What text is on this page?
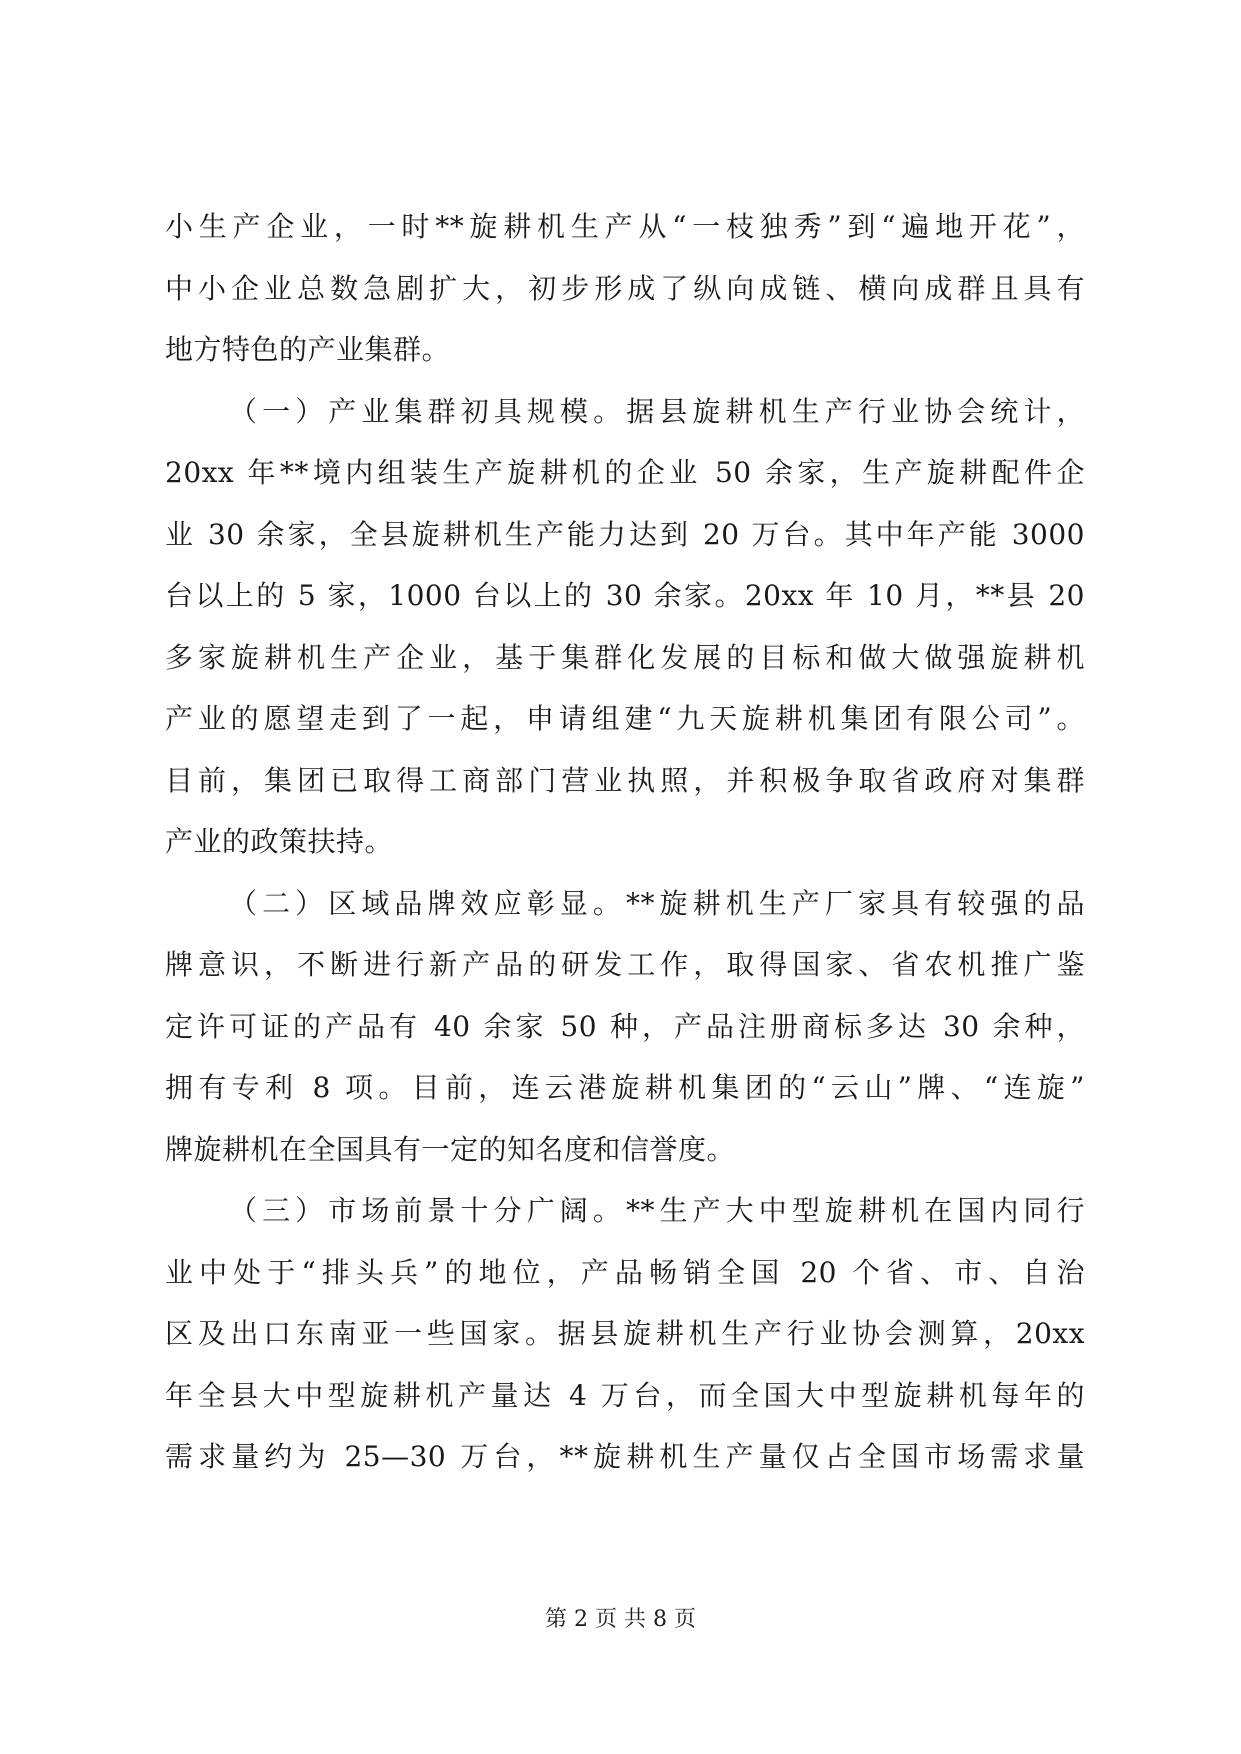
小生产企业，一时**旋耕机生产从“一枝独秀”到“遍地开花”，
中小企业总数急剧扩大，初步形成了纵向成链、横向成群且具有
地方特色的产业集群。
（一）产业集群初具规模。据县旋耕机生产行业协会统计，
20xx 年**境内组装生产旋耕机的企业 50 余家，生产旋耕配件企
业 30 余家，全县旋耕机生产能力达到 20 万台。其中年产能 3000
台以上的 5 家，1000 台以上的 30 余家。20xx 年 10 月，**县 20
多家旋耕机生产企业，基于集群化发展的目标和做大做强旋耕机
产业的愿望走到了一起，申请组建“九天旋耕机集团有限公司”。
目前，集团已取得工商部门营业执照，并积极争取省政府对集群
产业的政策扶持。
（二）区域品牌效应彰显。**旋耕机生产厂家具有较强的品
牌意识，不断进行新产品的研发工作，取得国家、省农机推广鉴
定许可证的产品有 40 余家 50 种，产品注册商标多达 30 余种，
拥有专利 8 项。目前，连云港旋耕机集团的“云山”牌、“连旋”
牌旋耕机在全国具有一定的知名度和信誉度。
（三）市场前景十分广阔。**生产大中型旋耕机在国内同行
业中处于“排头兵”的地位，产品畅销全国 20 个省、市、自治
区及出口东南亚一些国家。据县旋耕机生产行业协会测算，20xx
年全县大中型旋耕机产量达 4 万台，而全国大中型旋耕机每年的
需求量约为 25—30 万台，**旋耕机生产量仅占全国市场需求量
第 2 页 共 8 页
